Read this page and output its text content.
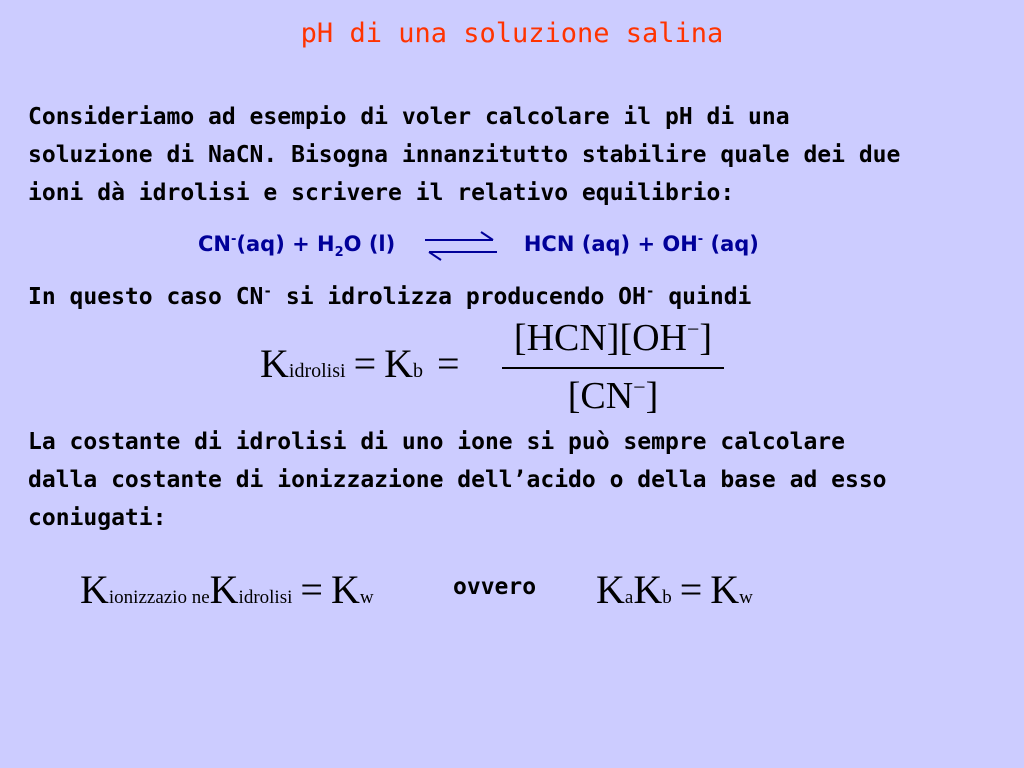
pH di una soluzione salina
Consideriamo ad esempio di voler calcolare il pH di una
soluzione di NaCN. Bisogna innanzitutto stabilire quale dei due
ioni dà idrolisi e scrivere il relativo equilibrio:
$CN^-(aq) + H_2O$ (l)	HCN (aq) + OH- (aq)
In questo caso CN- si idrolizza producendo OH- quindi
Kidrolisi = Kb =
[HCN][OH−]
[CN−]
La costante di idrolisi di uno ione si può sempre calcolare
dalla costante di ionizzazione dell’acido o della base ad esso
coniugati:
Kionizzazio neKidrolisi = Kw	ovvero KaKb = Kw
